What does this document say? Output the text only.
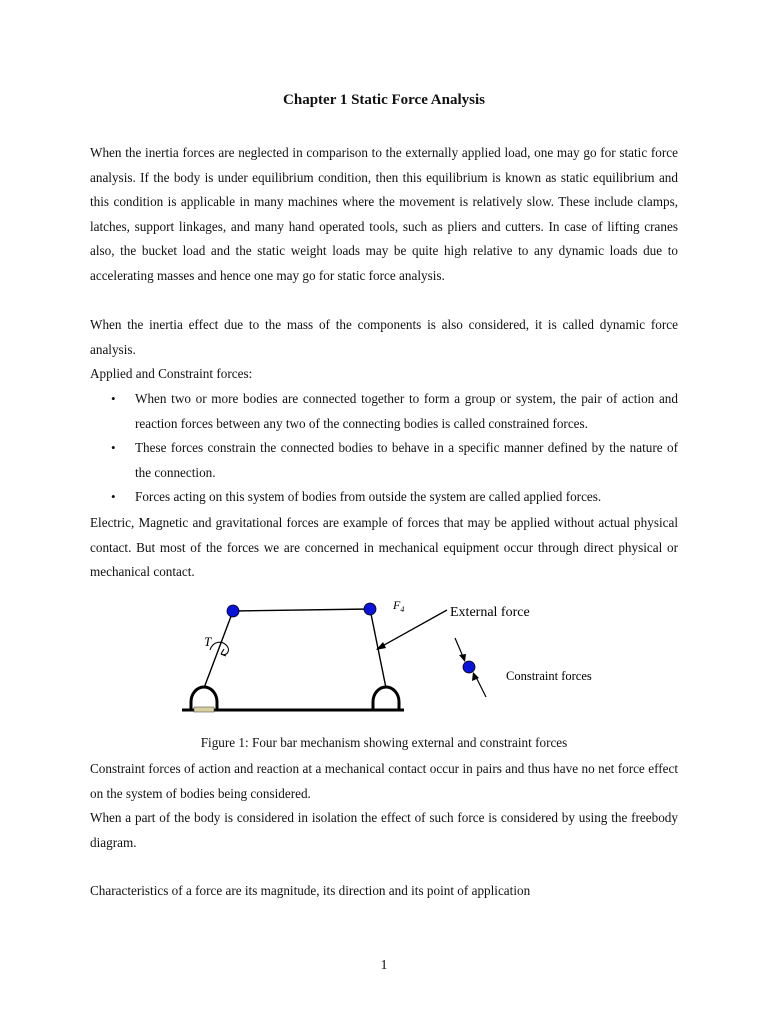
Chapter 1 Static Force Analysis

When the inertia forces are neglected in comparison to the externally applied load, one may go for static force analysis. If the body is under equilibrium condition, then this equilibrium is known as static equilibrium and this condition is applicable in many machines where the movement is relatively slow. These include clamps, latches, support linkages, and many hand operated tools, such as pliers and cutters. In case of lifting cranes also, the bucket load and the static weight loads may be quite high relative to any dynamic loads due to accelerating masses and hence one may go for static force analysis.

When the inertia effect due to the mass of the components is also considered, it is called dynamic force analysis.

Applied and Constraint forces:

• When two or more bodies are connected together to form a group or system, the pair of action and reaction forces between any two of the connecting bodies is called constrained forces.
• These forces constrain the connected bodies to behave in a specific manner defined by the nature of the connection.
• Forces acting on this system of bodies from outside the system are called applied forces.

Electric, Magnetic and gravitational forces are example of forces that may be applied without actual physical contact. But most of the forces we are concerned in mechanical equipment occur through direct physical or mechanical contact.

T
$F_4$	External force
Constraint forces
Figure 1: Four bar mechanism showing external and constraint forces

Constraint forces of action and reaction at a mechanical contact occur in pairs and thus have no net force effect on the system of bodies being considered.

When a part of the body is considered in isolation the effect of such force is considered by using the freebody diagram.

Characteristics of a force are its magnitude, its direction and its point of application

1
